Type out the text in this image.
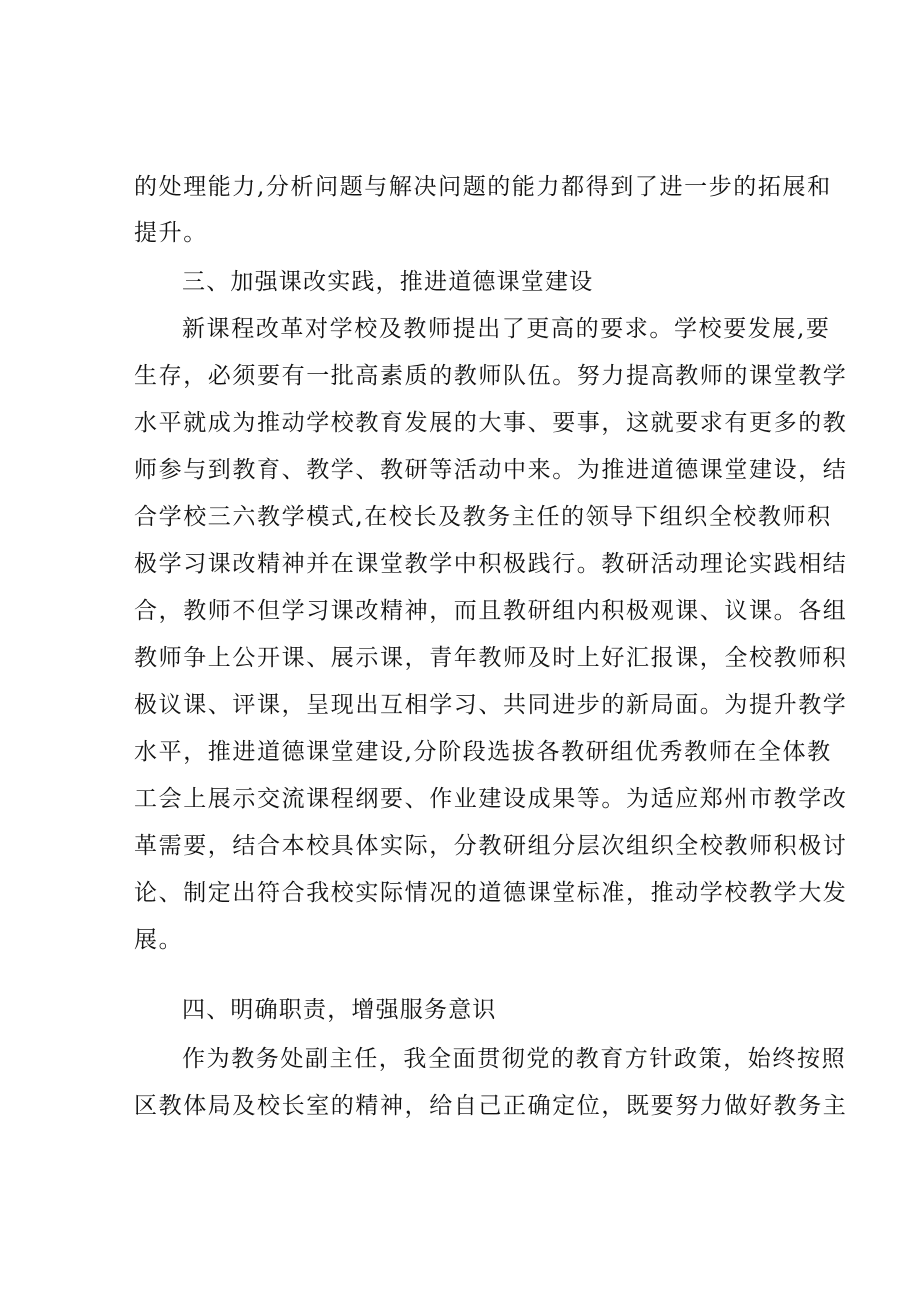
的处理能力,分析问题与解决问题的能力都得到了进一步的拓展和
提升。
三、加强课改实践，推进道德课堂建设
新课程改革对学校及教师提出了更高的要求。学校要发展,要
生存，必须要有一批高素质的教师队伍。努力提高教师的课堂教学
水平就成为推动学校教育发展的大事、要事，这就要求有更多的教
师参与到教育、教学、教研等活动中来。为推进道德课堂建设，结
合学校三六教学模式,在校长及教务主任的领导下组织全校教师积
极学习课改精神并在课堂教学中积极践行。教研活动理论实践相结
合，教师不但学习课改精神，而且教研组内积极观课、议课。各组
教师争上公开课、展示课，青年教师及时上好汇报课，全校教师积
极议课、评课，呈现出互相学习、共同进步的新局面。为提升教学
水平，推进道德课堂建设,分阶段选拔各教研组优秀教师在全体教
工会上展示交流课程纲要、作业建设成果等。为适应郑州市教学改
革需要，结合本校具体实际，分教研组分层次组织全校教师积极讨
论、制定出符合我校实际情况的道德课堂标准，推动学校教学大发
展。
四、明确职责，增强服务意识
作为教务处副主任，我全面贯彻党的教育方针政策，始终按照
区教体局及校长室的精神，给自己正确定位，既要努力做好教务主
